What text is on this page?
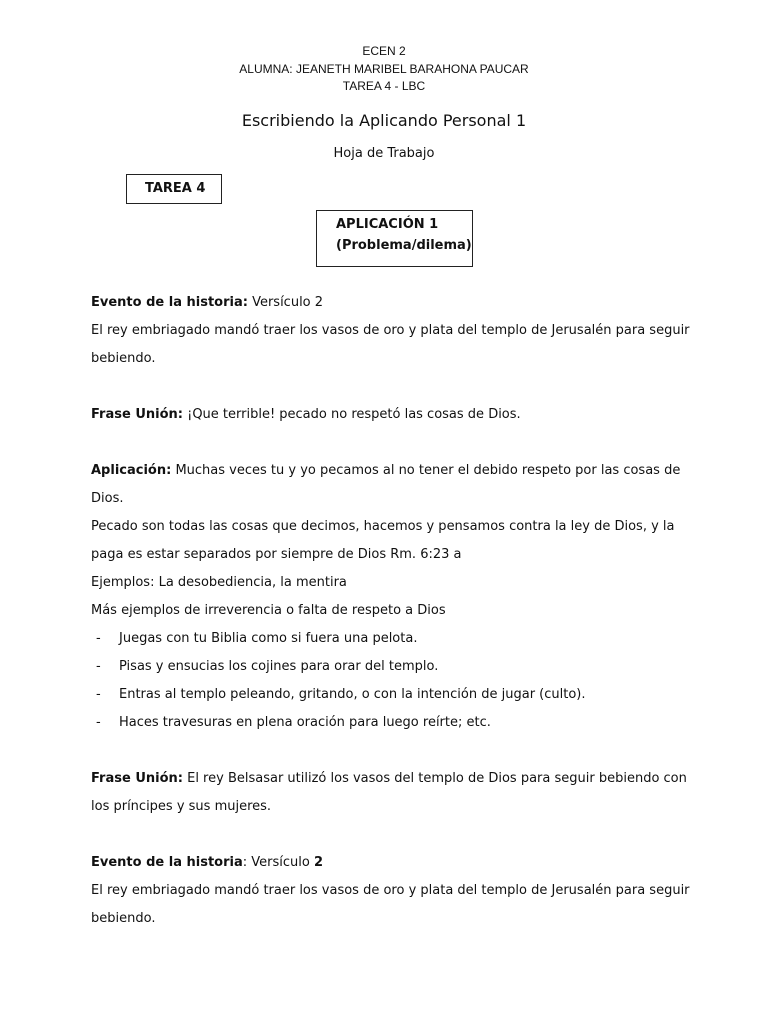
ECEN 2
ALUMNA: JEANETH MARIBEL BARAHONA PAUCAR
TAREA 4 - LBC
Escribiendo la Aplicando Personal 1
Hoja de Trabajo
TAREA 4
APLICACIÓN 1
(Problema/dilema)
Evento de la historia: Versículo 2
El rey embriagado mandó traer los vasos de oro y plata del templo de Jerusalén para seguir
bebiendo.
Frase Unión: ¡Que terrible! pecado no respetó las cosas de Dios.
Aplicación: Muchas veces tu y yo pecamos al no tener el debido respeto por las cosas de
Dios.
Pecado son todas las cosas que decimos, hacemos y pensamos contra la ley de Dios, y la
paga es estar separados por siempre de Dios Rm. 6:23 a
Ejemplos: La desobediencia, la mentira
Más ejemplos de irreverencia o falta de respeto a Dios
- Juegas con tu Biblia como si fuera una pelota.
- Pisas y ensucias los cojines para orar del templo.
- Entras al templo peleando, gritando, o con la intención de jugar (culto).
- Haces travesuras en plena oración para luego reírte; etc.
Frase Unión: El rey Belsasar utilizó los vasos del templo de Dios para seguir bebiendo con
los príncipes y sus mujeres.
Evento de la historia: Versículo 2
El rey embriagado mandó traer los vasos de oro y plata del templo de Jerusalén para seguir
bebiendo.
